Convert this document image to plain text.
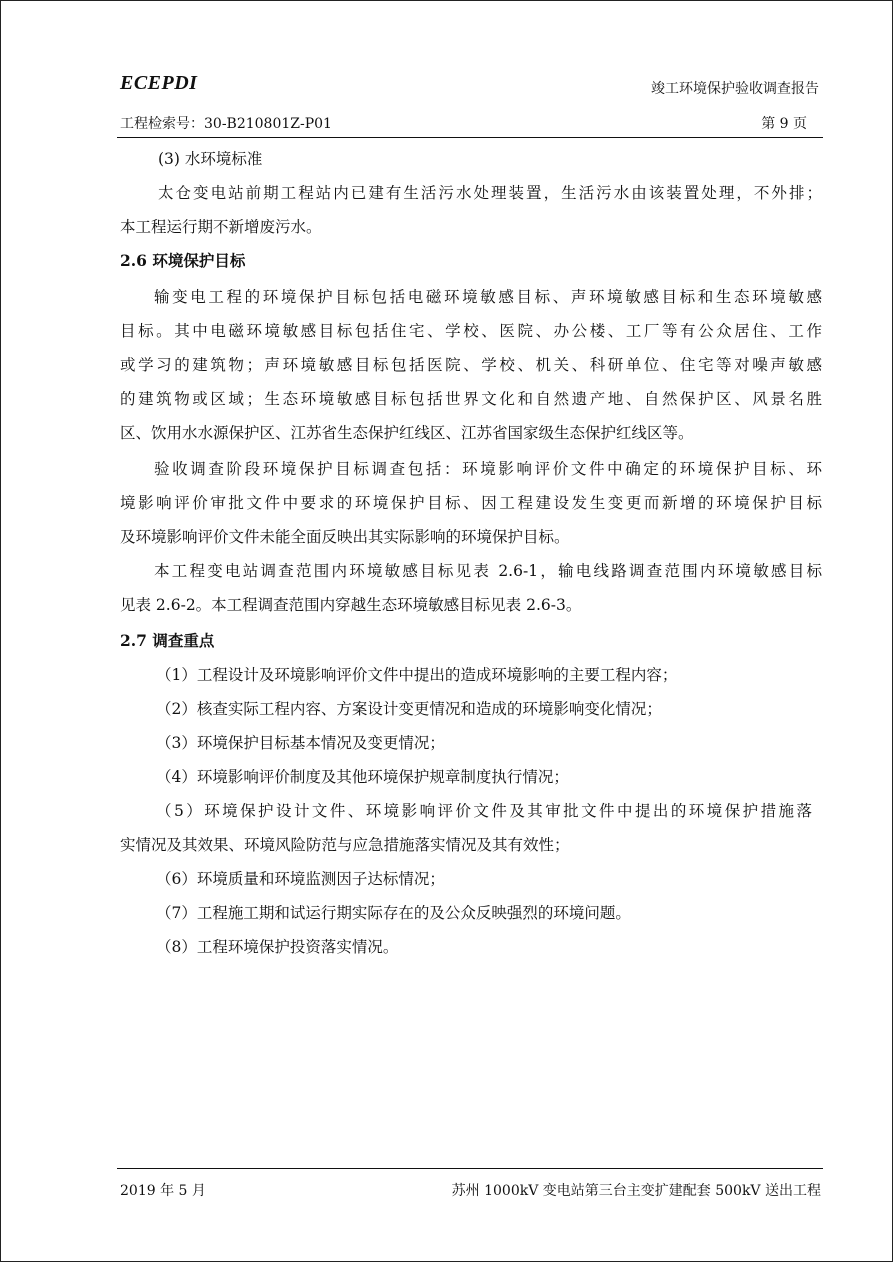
ECEPDI	竣工环境保护验收调查报告
工程检索号：30-B210801Z-P01	第 9 页
(3) 水环境标准
太仓变电站前期工程站内已建有生活污水处理装置，生活污水由该装置处理，不外排；
本工程运行期不新增废污水。
2.6 环境保护目标
输变电工程的环境保护目标包括电磁环境敏感目标、声环境敏感目标和生态环境敏感
目标。其中电磁环境敏感目标包括住宅、学校、医院、办公楼、工厂等有公众居住、工作
或学习的建筑物；声环境敏感目标包括医院、学校、机关、科研单位、住宅等对噪声敏感
的建筑物或区域；生态环境敏感目标包括世界文化和自然遗产地、自然保护区、风景名胜
区、饮用水水源保护区、江苏省生态保护红线区、江苏省国家级生态保护红线区等。
验收调查阶段环境保护目标调查包括：环境影响评价文件中确定的环境保护目标、环
境影响评价审批文件中要求的环境保护目标、因工程建设发生变更而新增的环境保护目标
及环境影响评价文件未能全面反映出其实际影响的环境保护目标。
本工程变电站调查范围内环境敏感目标见表 2.6-1，输电线路调查范围内环境敏感目标
见表 2.6-2。本工程调查范围内穿越生态环境敏感目标见表 2.6-3。
2.7 调查重点
（1）工程设计及环境影响评价文件中提出的造成环境影响的主要工程内容；
（2）核查实际工程内容、方案设计变更情况和造成的环境影响变化情况；
（3）环境保护目标基本情况及变更情况；
（4）环境影响评价制度及其他环境保护规章制度执行情况；
（5）环境保护设计文件、环境影响评价文件及其审批文件中提出的环境保护措施落
实情况及其效果、环境风险防范与应急措施落实情况及其有效性；
（6）环境质量和环境监测因子达标情况；
（7）工程施工期和试运行期实际存在的及公众反映强烈的环境问题。
（8）工程环境保护投资落实情况。
2019 年 5 月	苏州 1000kV 变电站第三台主变扩建配套 500kV 送出工程
